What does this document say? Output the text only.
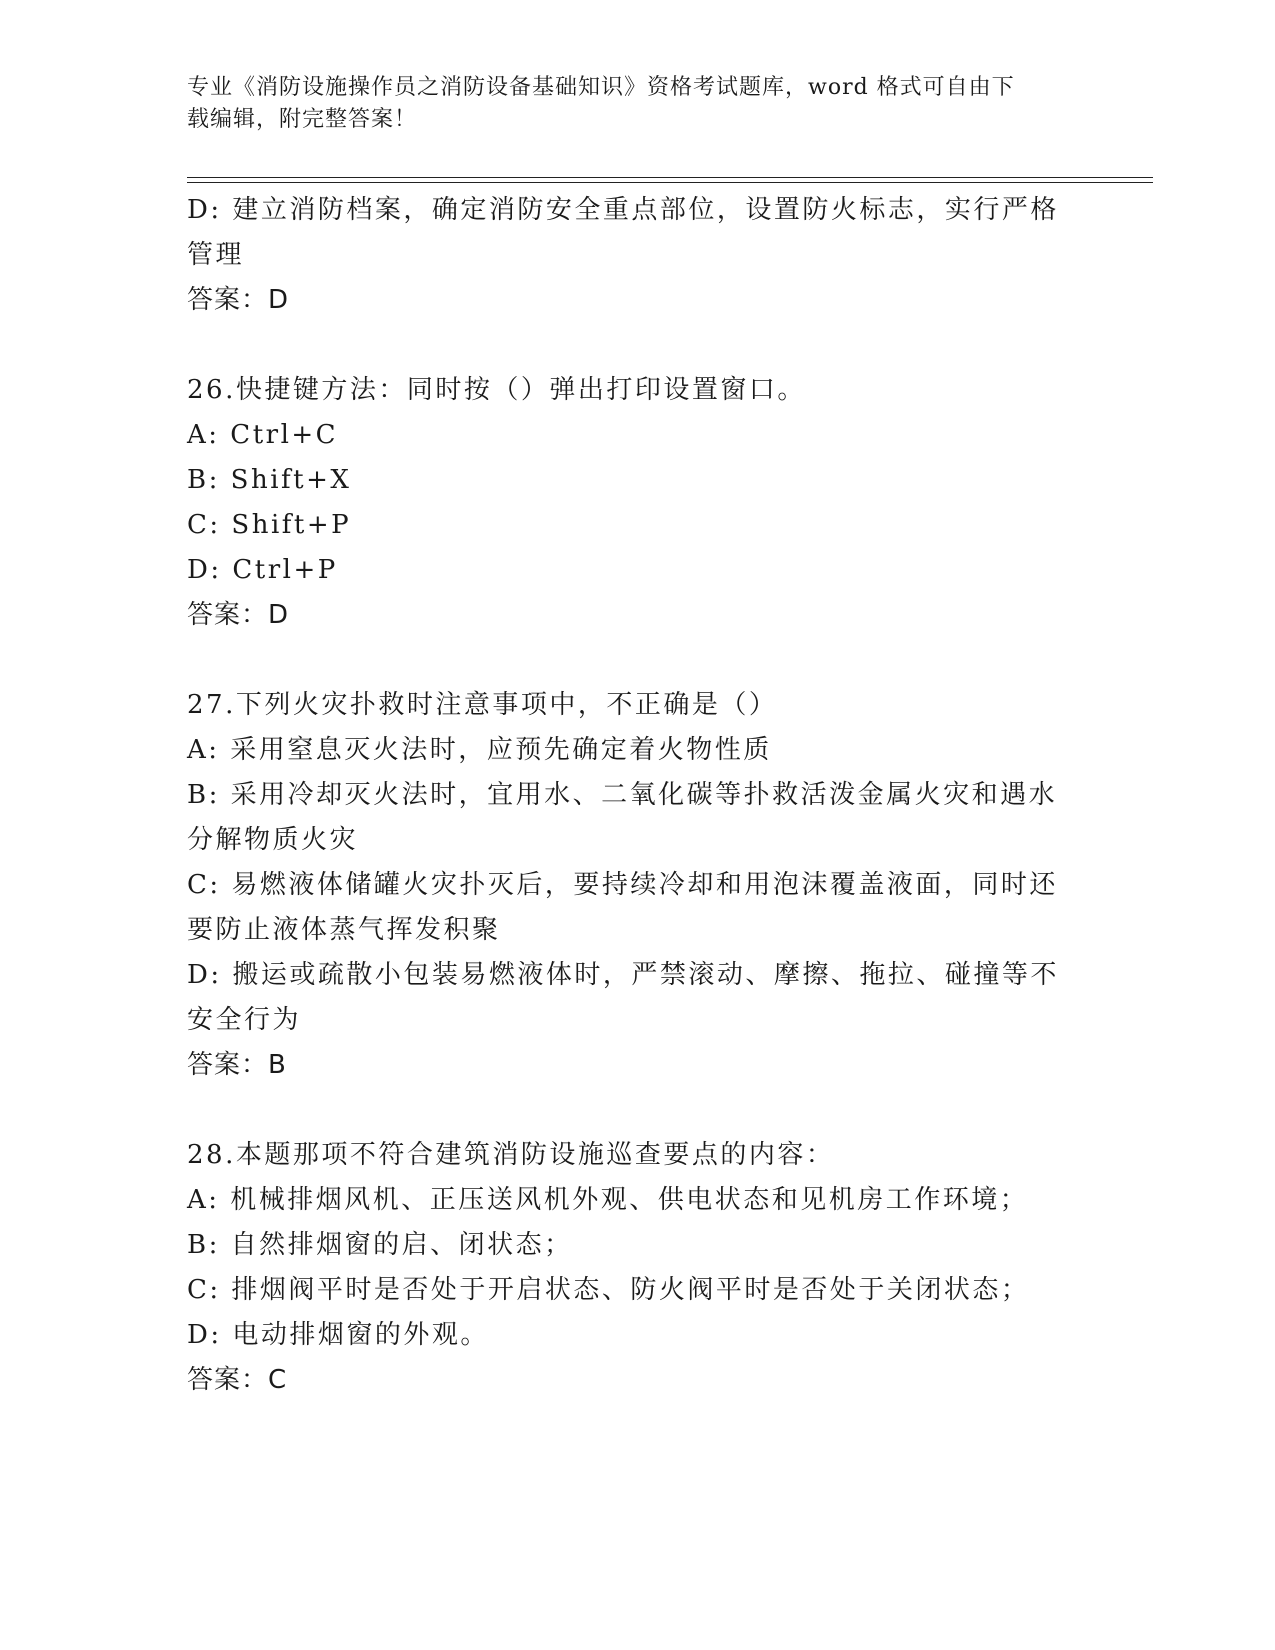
专业《消防设施操作员之消防设备基础知识》资格考试题库，word 格式可自由下
载编辑，附完整答案！
D: 建立消防档案，确定消防安全重点部位，设置防火标志，实行严格
管理
答案：D
26.快捷键方法：同时按（）弹出打印设置窗口。
A: Ctrl+C
B: Shift+X
C: Shift+P
D: Ctrl+P
答案：D
27.下列火灾扑救时注意事项中，不正确是（）
A: 采用窒息灭火法时，应预先确定着火物性质
B: 采用冷却灭火法时，宜用水、二氧化碳等扑救活泼金属火灾和遇水
分解物质火灾
C: 易燃液体储罐火灾扑灭后，要持续冷却和用泡沫覆盖液面，同时还
要防止液体蒸气挥发积聚
D: 搬运或疏散小包装易燃液体时，严禁滚动、摩擦、拖拉、碰撞等不
安全行为
答案：B
28.本题那项不符合建筑消防设施巡查要点的内容：
A: 机械排烟风机、正压送风机外观、供电状态和见机房工作环境；
B: 自然排烟窗的启、闭状态；
C: 排烟阀平时是否处于开启状态、防火阀平时是否处于关闭状态；
D: 电动排烟窗的外观。
答案：C
